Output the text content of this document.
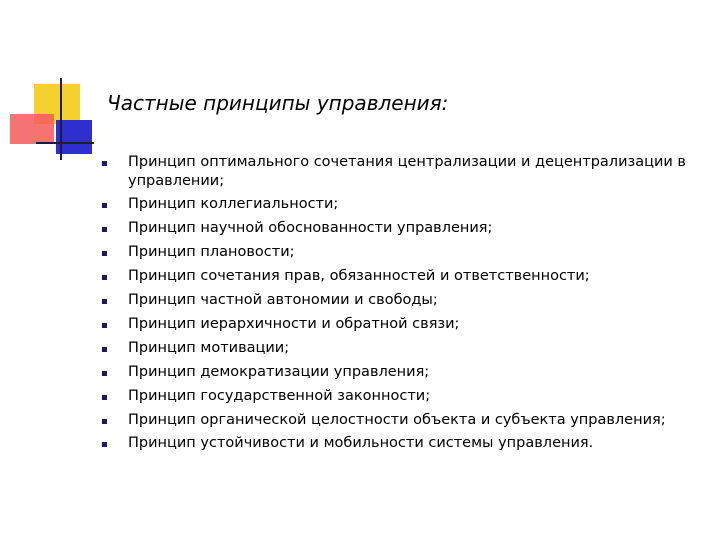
Частные принципы управления:
Принцип оптимального сочетания централизации и децентрализации в управлении;
Принцип коллегиальности;
Принцип научной обоснованности управления;
Принцип плановости;
Принцип сочетания прав, обязанностей и ответственности;
Принцип частной автономии и свободы;
Принцип иерархичности и обратной связи;
Принцип мотивации;
Принцип демократизации управления;
Принцип государственной законности;
Принцип органической целостности объекта и субъекта управления;
Принцип устойчивости и мобильности системы управления.
